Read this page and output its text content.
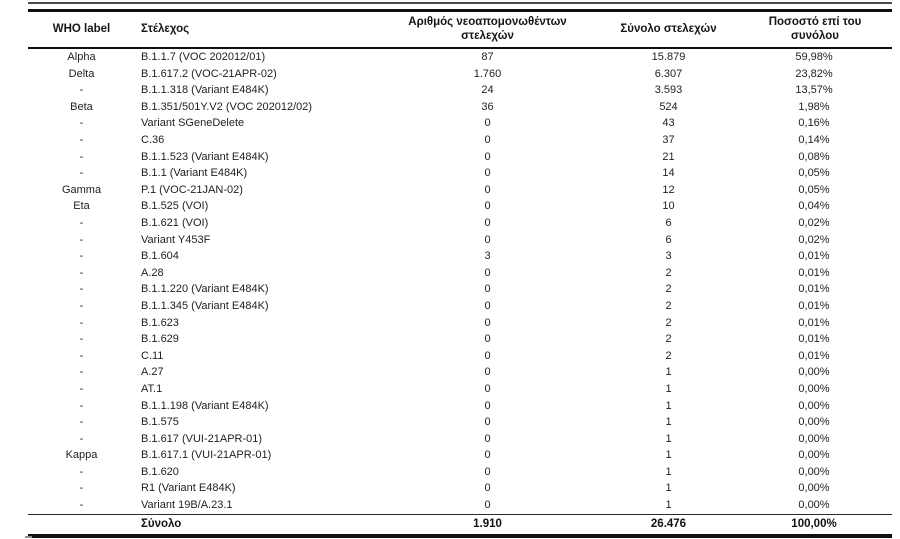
WHO label	Στέλεχος	Αριθμός νεοαπομονωθέντων στελεχών	Σύνολο στελεχών	Ποσοστό επί του συνόλου
Alpha	B.1.1.7 (VOC 202012/01)	87	15.879	59,98%
Delta	B.1.617.2 (VOC-21APR-02)	1.760	6.307	23,82%
-	B.1.1.318 (Variant E484K)	24	3.593	13,57%
Beta	B.1.351/501Y.V2 (VOC 202012/02)	36	524	1,98%
-	Variant SGeneDelete	0	43	0,16%
-	C.36	0	37	0,14%
-	B.1.1.523 (Variant E484K)	0	21	0,08%
-	B.1.1 (Variant E484K)	0	14	0,05%
Gamma	P.1 (VOC-21JAN-02)	0	12	0,05%
Eta	B.1.525 (VOI)	0	10	0,04%
-	B.1.621 (VOI)	0	6	0,02%
-	Variant Y453F	0	6	0,02%
-	B.1.604	3	3	0,01%
-	A.28	0	2	0,01%
-	B.1.1.220 (Variant E484K)	0	2	0,01%
-	B.1.1.345 (Variant E484K)	0	2	0,01%
-	B.1.623	0	2	0,01%
-	B.1.629	0	2	0,01%
-	C.11	0	2	0,01%
-	A.27	0	1	0,00%
-	AT.1	0	1	0,00%
-	B.1.1.198 (Variant E484K)	0	1	0,00%
-	B.1.575	0	1	0,00%
-	B.1.617 (VUI-21APR-01)	0	1	0,00%
Kappa	B.1.617.1 (VUI-21APR-01)	0	1	0,00%
-	B.1.620	0	1	0,00%
-	R1 (Variant E484K)	0	1	0,00%
-	Variant 19B/A.23.1	0	1	0,00%
	Σύνολο	1.910	26.476	100,00%
